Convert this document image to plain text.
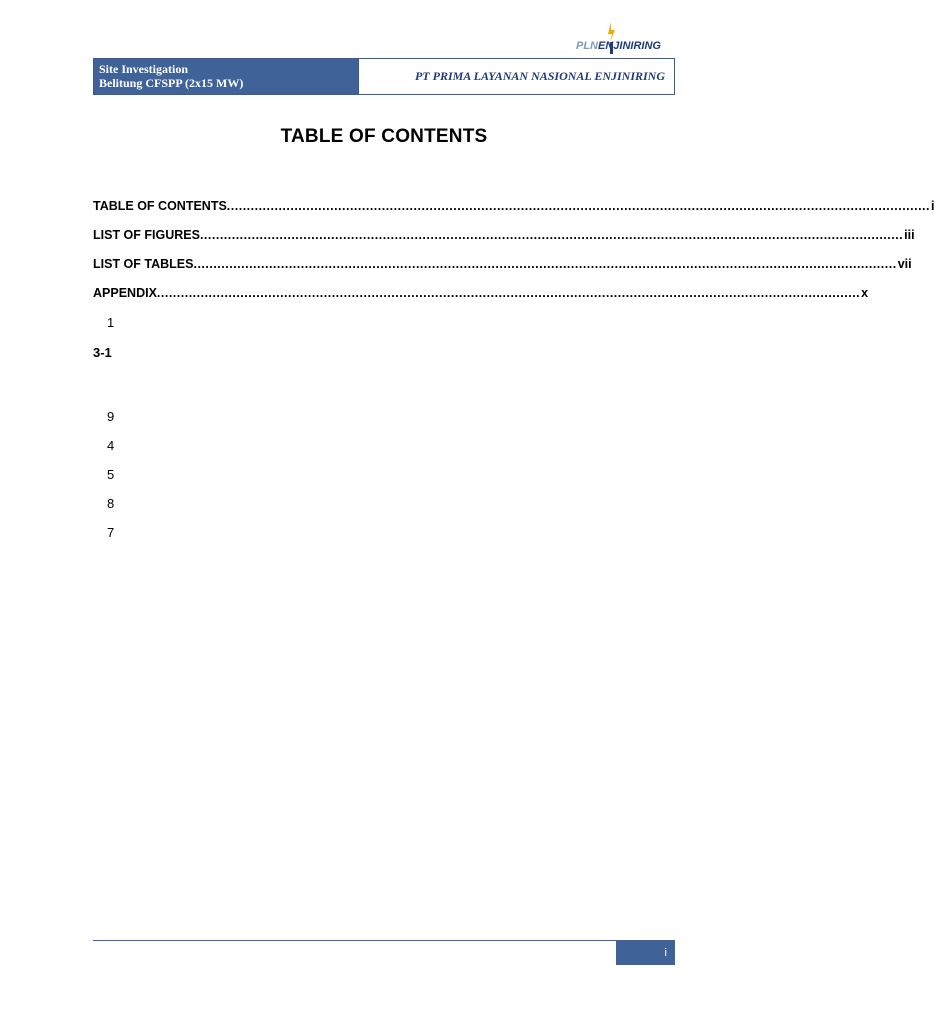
PLNENJINIRING
Site Investigation
Belitung CFSPP (2x15 MW)	PT PRIMA LAYANAN NASIONAL ENJINIRING
TABLE OF CONTENTS
TABLE OF CONTENTS ................................................................................................................................................................................. i
LIST OF FIGURES ................................................................................................................................................................................. iii
LIST OF TABLES ................................................................................................................................................................................. vii
APPENDIX ................................................................................................................................................................................. x
1
3-1
9
4
5
8
7
i
